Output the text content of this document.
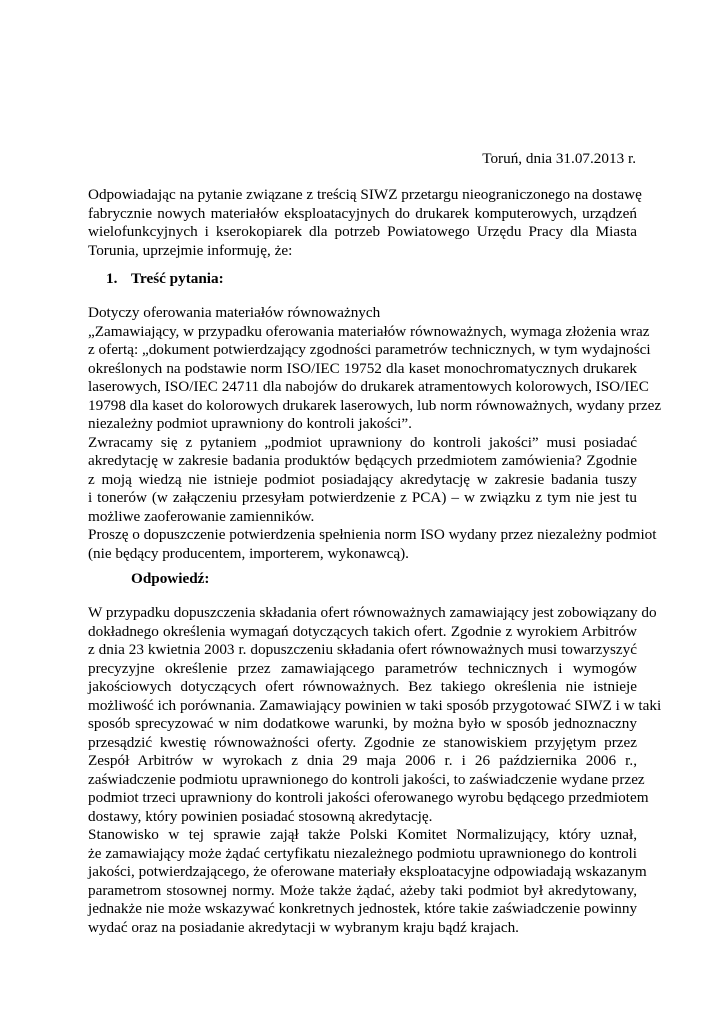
Toruń, dnia 31.07.2013 r.
Odpowiadając na pytanie związane z treścią SIWZ przetargu nieograniczonego na dostawę
fabrycznie nowych materiałów eksploatacyjnych do drukarek komputerowych, urządzeń
wielofunkcyjnych i kserokopiarek dla potrzeb Powiatowego Urzędu Pracy dla Miasta
Torunia, uprzejmie informuję, że:
1. Treść pytania:
Dotyczy oferowania materiałów równoważnych
„Zamawiający, w przypadku oferowania materiałów równoważnych, wymaga złożenia wraz
z ofertą: „dokument potwierdzający zgodności parametrów technicznych, w tym wydajności
określonych na podstawie norm ISO/IEC 19752 dla kaset monochromatycznych drukarek
laserowych, ISO/IEC 24711 dla nabojów do drukarek atramentowych kolorowych, ISO/IEC
19798 dla kaset do kolorowych drukarek laserowych, lub norm równoważnych, wydany przez
niezależny podmiot uprawniony do kontroli jakości”.
Zwracamy się z pytaniem „podmiot uprawniony do kontroli jakości” musi posiadać
akredytację w zakresie badania produktów będących przedmiotem zamówienia? Zgodnie
z moją wiedzą nie istnieje podmiot posiadający akredytację w zakresie badania tuszy
i tonerów (w załączeniu przesyłam potwierdzenie z PCA) – w związku z tym nie jest tu
możliwe zaoferowanie zamienników.
Proszę o dopuszczenie potwierdzenia spełnienia norm ISO wydany przez niezależny podmiot
(nie będący producentem, importerem, wykonawcą).
Odpowiedź:
W przypadku dopuszczenia składania ofert równoważnych zamawiający jest zobowiązany do
dokładnego określenia wymagań dotyczących takich ofert. Zgodnie z wyrokiem Arbitrów
z dnia 23 kwietnia 2003 r. dopuszczeniu składania ofert równoważnych musi towarzyszyć
precyzyjne określenie przez zamawiającego parametrów technicznych i wymogów
jakościowych dotyczących ofert równoważnych. Bez takiego określenia nie istnieje
możliwość ich porównania. Zamawiający powinien w taki sposób przygotować SIWZ i w taki
sposób sprecyzować w nim dodatkowe warunki, by można było w sposób jednoznaczny
przesądzić kwestię równoważności oferty. Zgodnie ze stanowiskiem przyjętym przez
Zespół Arbitrów w wyrokach z dnia 29 maja 2006 r. i 26 października 2006 r.,
zaświadczenie podmiotu uprawnionego do kontroli jakości, to zaświadczenie wydane przez
podmiot trzeci uprawniony do kontroli jakości oferowanego wyrobu będącego przedmiotem
dostawy, który powinien posiadać stosowną akredytację.
Stanowisko w tej sprawie zajął także Polski Komitet Normalizujący, który uznał,
że zamawiający może żądać certyfikatu niezależnego podmiotu uprawnionego do kontroli
jakości, potwierdzającego, że oferowane materiały eksploatacyjne odpowiadają wskazanym
parametrom stosownej normy. Może także żądać, ażeby taki podmiot był akredytowany,
jednakże nie może wskazywać konkretnych jednostek, które takie zaświadczenie powinny
wydać oraz na posiadanie akredytacji w wybranym kraju bądź krajach.
